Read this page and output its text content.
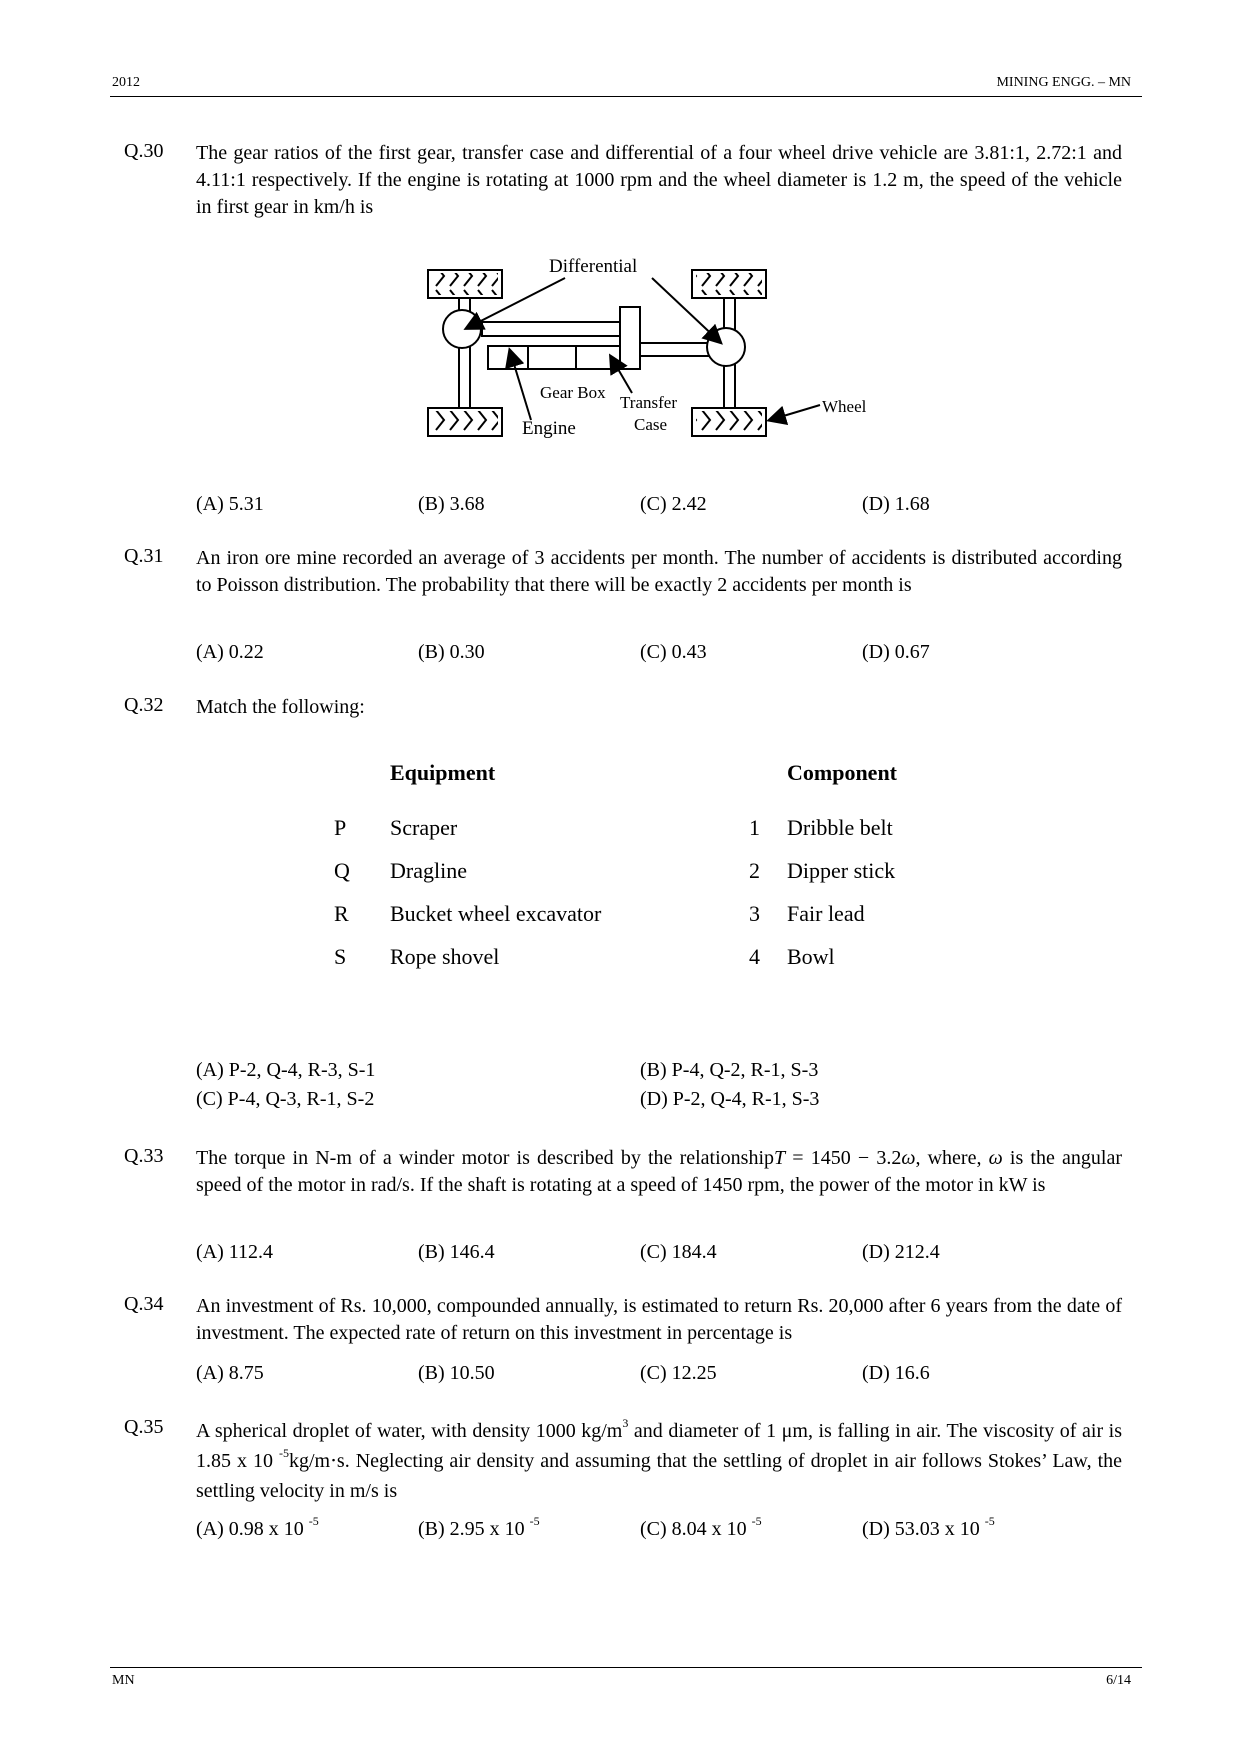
2012	MINING ENGG. – MN
Q.30 The gear ratios of the first gear, transfer case and differential of a four wheel drive vehicle are 3.81:1, 2.72:1 and 4.11:1 respectively. If the engine is rotating at 1000 rpm and the wheel diameter is 1.2 m, the speed of the vehicle in first gear in km/h is
Differential
Gear Box
Engine
Transfer
Case
Wheel
(A) 5.31	(B) 3.68	(C) 2.42	(D) 1.68
Q.31 An iron ore mine recorded an average of 3 accidents per month. The number of accidents is distributed according to Poisson distribution. The probability that there will be exactly 2 accidents per month is
(A) 0.22	(B) 0.30	(C) 0.43	(D) 0.67
Q.32 Match the following:
Equipment	Component
P Scraper	1 Dribble belt
Q Dragline	2 Dipper stick
R Bucket wheel excavator	3 Fair lead
S Rope shovel	4 Bowl
(A) P-2, Q-4, R-3, S-1	(B) P-4, Q-2, R-1, S-3
(C) P-4, Q-3, R-1, S-2	(D) P-2, Q-4, R-1, S-3
Q.33 The torque in N-m of a winder motor is described by the relationshipT = 1450 − 3.2ω, where, ω is the angular speed of the motor in rad/s. If the shaft is rotating at a speed of 1450 rpm, the power of the motor in kW is
(A) 112.4	(B) 146.4	(C) 184.4	(D) 212.4
Q.34 An investment of Rs. 10,000, compounded annually, is estimated to return Rs. 20,000 after 6 years from the date of investment. The expected rate of return on this investment in percentage is
(A) 8.75	(B) 10.50	(C) 12.25	(D) 16.6
Q.35 A spherical droplet of water, with density 1000 $kg/m^3$ and diameter of 1 μm, is falling in air. The viscosity of air is 1.85 x 10 $^{-5}$kg/m⋅s. Neglecting air density and assuming that the settling of droplet in air follows Stokes’ Law, the settling velocity in m/s is
(A) 0.98 x 10 $^{-5}$	(B) 2.95 x 10 $^{-5}$	(C) 8.04 x 10 $^{-5}$	(D) 53.03 x 10 $^{-5}$
MN	6/14
